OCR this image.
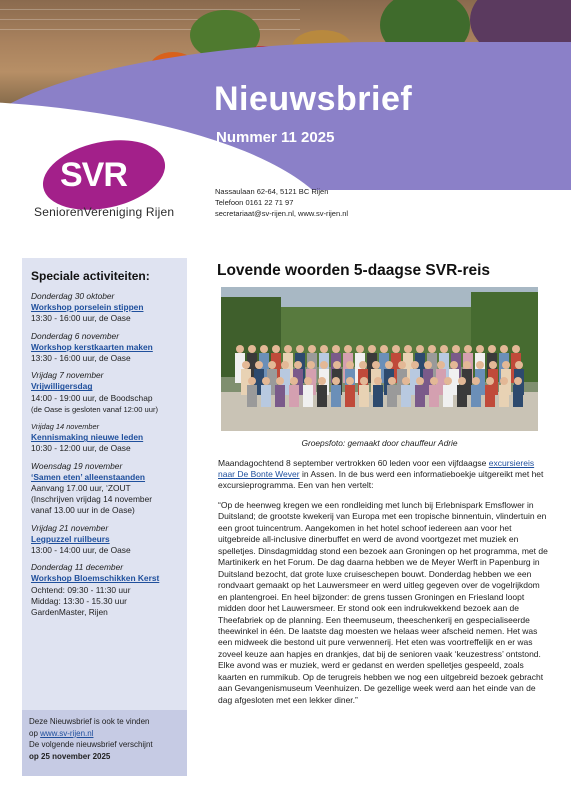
Nieuwsbrief
Nummer 11 2025
SVR
SeniorenVereniging Rijen
Nassaulaan 62-64, 5121 BC Rijen
Telefoon 0161 22 71 97
secretariaat@sv-rijen.nl, www.sv-rijen.nl
Speciale activiteiten:
Donderdag 30 oktober
Workshop porselein stippen
13:30 - 16:00 uur, de Oase
Donderdag 6 november
Workshop kerstkaarten maken
13:30 - 16:00 uur, de Oase
Vrijdag 7 november
Vrijwilligersdag
14:00 - 19:00 uur, de Boodschap
(de Oase is gesloten vanaf 12:00 uur)
Vrijdag 14 november
Kennismaking nieuwe leden
10:30 - 12:00 uur, de Oase
Woensdag 19 november
‘Samen eten’ alleenstaanden
Aanvang 17.00 uur, ‘ZOUT
(Inschrijven vrijdag 14 november
vanaf 13.00 uur in de Oase)
Vrijdag 21 november
Legpuzzel ruilbeurs
13:00 - 14:00 uur, de Oase
Donderdag 11 december
Workshop Bloemschikken Kerst
Ochtend: 09:30 - 11:30 uur
Middag: 13:30 - 15.30 uur
GardenMaster, Rijen
Deze Nieuwsbrief is ook te vinden
op www.sv-rijen.nl
De volgende nieuwsbrief verschijnt
op 25 november 2025
Lovende woorden 5-daagse SVR-reis
Groepsfoto: gemaakt door chauffeur Adrie
Maandagochtend 8 september vertrokken 60 leden voor een vijfdaagse excursiereis naar De Bonte Wever in Assen. In de bus werd een informatieboekje uitgereikt met het excursieprogramma. Een van hen vertelt:
“Op de heenweg kregen we een rondleiding met lunch bij Erlebnispark Emsflower in Duitsland; de grootste kwekerij van Europa met een tropische binnentuin, vlindertuin en een groot tuincentrum. Aangekomen in het hotel schoof iedereen aan voor het uitgebreide all-inclusive dinerbuffet en werd de avond voortgezet met muziek en spelletjes. Dinsdagmiddag stond een bezoek aan Groningen op het programma, met de Martinikerk en het Forum. De dag daarna hebben we de Meyer Werft in Papenburg in Duitsland bezocht, dat grote luxe cruiseschepen bouwt. Donderdag hebben we een rondvaart gemaakt op het Lauwersmeer en werd uitleg gegeven over de vogelrijkdom en plantengroei. En heel bijzonder: de grens tussen Groningen en Friesland loopt midden door het Lauwersmeer. Er stond ook een indrukwekkend bezoek aan de Theefabriek op de planning. Een theemuseum, theeschenkerij en gespecialiseerde theewinkel in één. De laatste dag moesten we helaas weer afscheid nemen. Het was een midweek die bestond uit pure verwennerij. Het eten was voortreffelijk en er was zoveel keuze aan hapjes en drankjes, dat bij de senioren vaak ‘keuzestress’ ontstond. Elke avond was er muziek, werd er gedanst en werden spelletjes gespeeld, zoals kaarten en rummikub. Op de terugreis hebben we nog een uitgebreid bezoek gebracht aan Gevangenismuseum Veenhuizen. De gezellige week werd aan het einde van de dag afgesloten met een lekker diner.”
